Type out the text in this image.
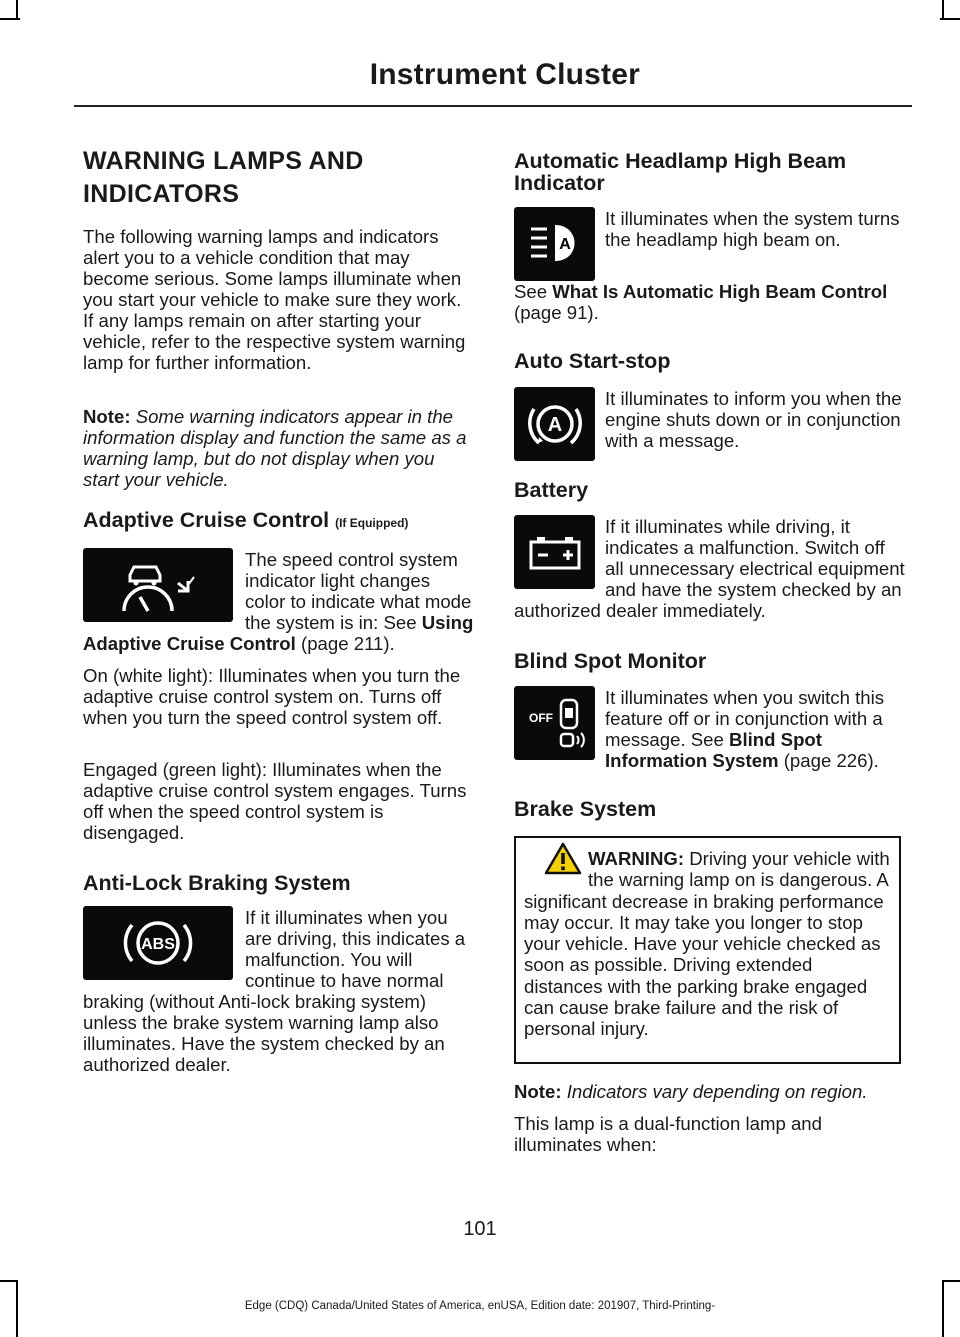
Instrument Cluster
WARNING LAMPS AND
INDICATORS

The following warning lamps and indicators alert you to a vehicle condition that may become serious. Some lamps illuminate when you start your vehicle to make sure they work. If any lamps remain on after starting your vehicle, refer to the respective system warning lamp for further information.

Note: Some warning indicators appear in the information display and function the same as a warning lamp, but do not display when you start your vehicle.

Adaptive Cruise Control (If Equipped)
The speed control system indicator light changes color to indicate what mode the system is in: See Using Adaptive Cruise Control (page 211).

On (white light): Illuminates when you turn the adaptive cruise control system on. Turns off when you turn the speed control system off.

Engaged (green light): Illuminates when the adaptive cruise control system engages. Turns off when the speed control system is disengaged.

Anti-Lock Braking System
ABS
If it illuminates when you are driving, this indicates a malfunction. You will continue to have normal braking (without Anti-lock braking system) unless the brake system warning lamp also illuminates. Have the system checked by an authorized dealer.
Automatic Headlamp High Beam
Indicator
A
It illuminates when the system turns the headlamp high beam on.

See What Is Automatic High Beam Control (page 91).

Auto Start-stop
A
It illuminates to inform you when the engine shuts down or in conjunction with a message.
Battery
If it illuminates while driving, it indicates a malfunction. Switch off all unnecessary electrical equipment and have the system checked by an authorized dealer immediately.
Blind Spot Monitor
OFF
It illuminates when you switch this feature off or in conjunction with a message. See Blind Spot Information System (page 226).
Brake System
WARNING: Driving your vehicle with the warning lamp on is dangerous. A significant decrease in braking performance may occur. It may take you longer to stop your vehicle. Have your vehicle checked as soon as possible. Driving extended distances with the parking brake engaged can cause brake failure and the risk of personal injury.

Note: Indicators vary depending on region.

This lamp is a dual-function lamp and illuminates when:

101
Edge (CDQ) Canada/United States of America, enUSA, Edition date: 201907, Third-Printing-
